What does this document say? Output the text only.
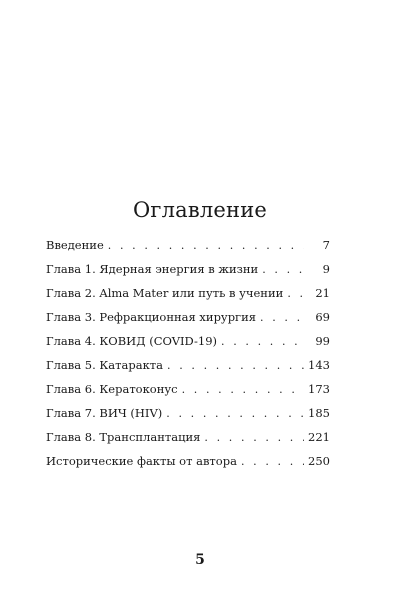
Оглавление
Введение . . .	7
Глава 1. Ядерная энергия в жизни . . .	9
Глава 2. Alma Mater или путь в учении . . .	21
Глава 3. Рефракционная хирургия . . .	69
Глава 4. КОВИД (COVID-19) . . .	99
Глава 5. Катаракта . . .	143
Глава 6. Кератоконус . . .	173
Глава 7. ВИЧ (HIV) . . .	185
Глава 8. Трансплантация . . .	221
Исторические факты от автора . . .	250
5
